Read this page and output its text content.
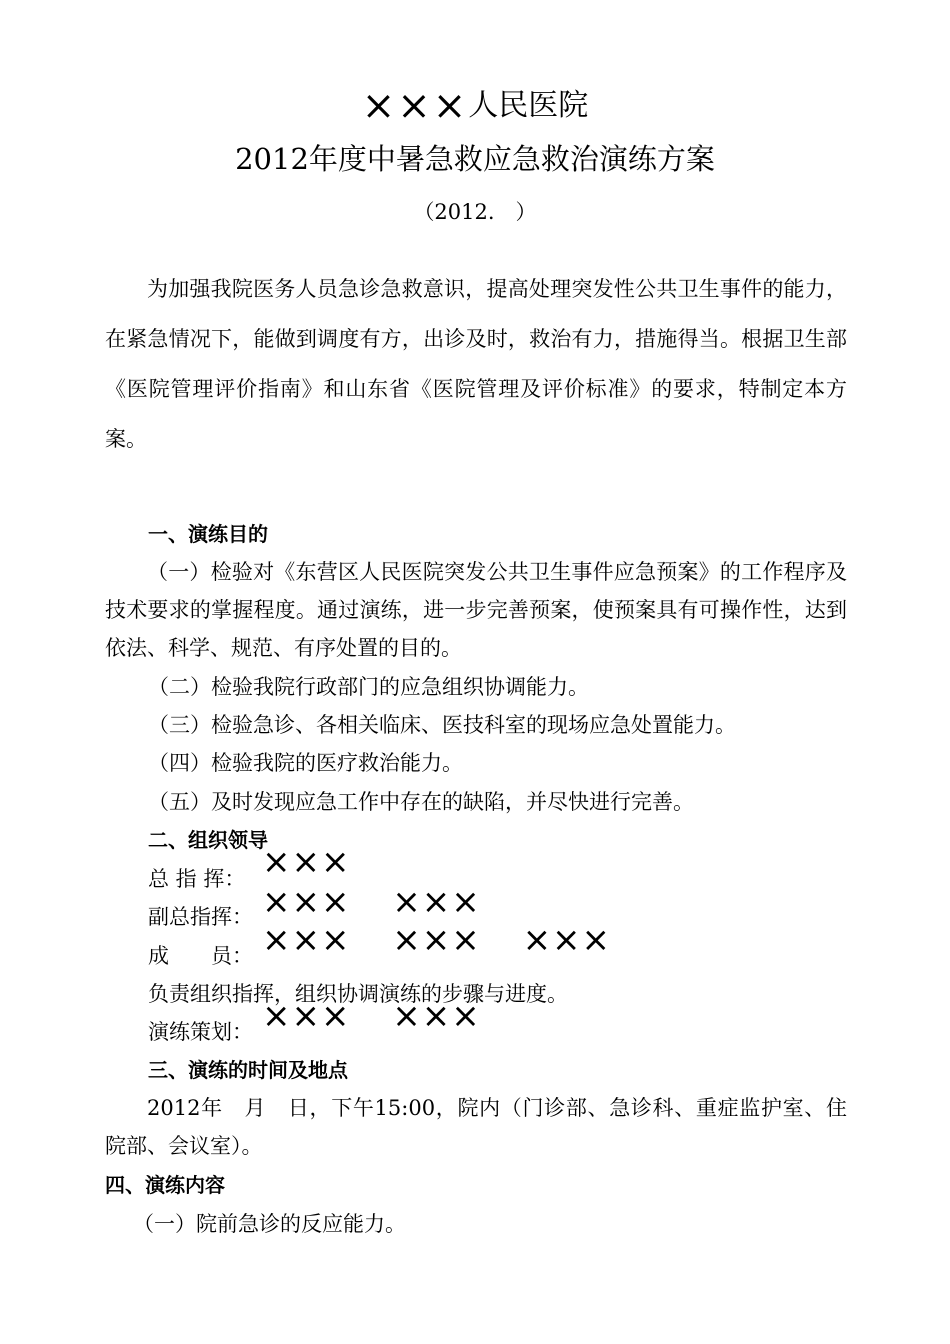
×××人民医院
2012年度中暑急救应急救治演练方案
（2012.　）
为加强我院医务人员急诊急救意识，提高处理突发性公共卫生事件的能力，在紧急情况下，能做到调度有方，出诊及时，救治有力，措施得当。根据卫生部《医院管理评价指南》和山东省《医院管理及评价标准》的要求，特制定本方案。
一、演练目的
（一）检验对《东营区人民医院突发公共卫生事件应急预案》的工作程序及技术要求的掌握程度。通过演练，进一步完善预案，使预案具有可操作性，达到依法、科学、规范、有序处置的目的。
（二）检验我院行政部门的应急组织协调能力。
（三）检验急诊、各相关临床、医技科室的现场应急处置能力。
（四）检验我院的医疗救治能力。
（五）及时发现应急工作中存在的缺陷，并尽快进行完善。
二、组织领导
总 指 挥： ×××
副总指挥： ××× ×××
成　　员： ××× ××× ×××
负责组织指挥，组织协调演练的步骤与进度。
演练策划： ××× ×××
三、演练的时间及地点
2012年　月　日，下午15:00，院内（门诊部、急诊科、重症监护室、住院部、会议室）。
四、演练内容
（一）院前急诊的反应能力。
